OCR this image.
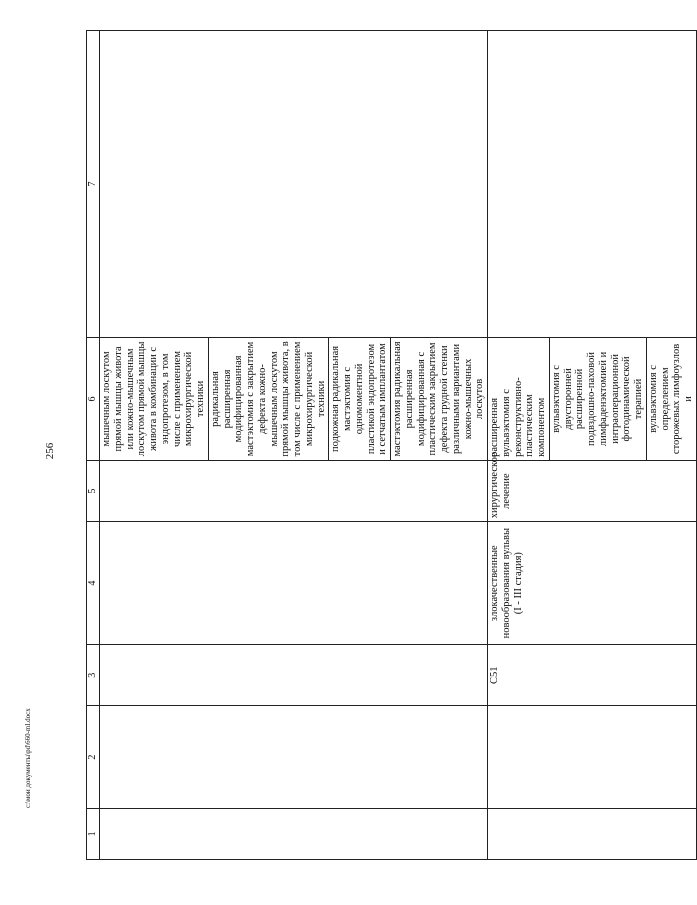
256
c:\мои документы\pd\660-ml.docx
1	2	3	4	5	6	7
					мышечным лоскутом прямой мышцы живота или кожно-мышечным лоскутом прямой мышцы живота в комбинации с эндопротезом, в том числе с применением микрохирургической техники	
					радикальная расширенная модифицированная мастэктомия с закрытием дефекта кожно-мышечным лоскутом прямой мышцы живота, в том числе с применением микрохирургической техники	
					подкожная радикальная мастэктомия с одномоментной пластикой эндопротезом и сетчатым имплантатом	
					мастэктомия радикальная расширенная модифицированная с пластическим закрытием дефекта грудной стенки различными вариантами кожно-мышечных лоскутов	
		C51	злокачественные новообразования вульвы (I - III стадия)	хирургическое лечение	расширенная вульвэктомия с реконструктивно-пластическим компонентом	
					вульвэктомия с двусторонней расширенной подвздошно-паховой лимфаденэктомией и интраоперационной фотодинамической терапией	
					вульвэктомия с определением сторожевых лимфоузлов и	
